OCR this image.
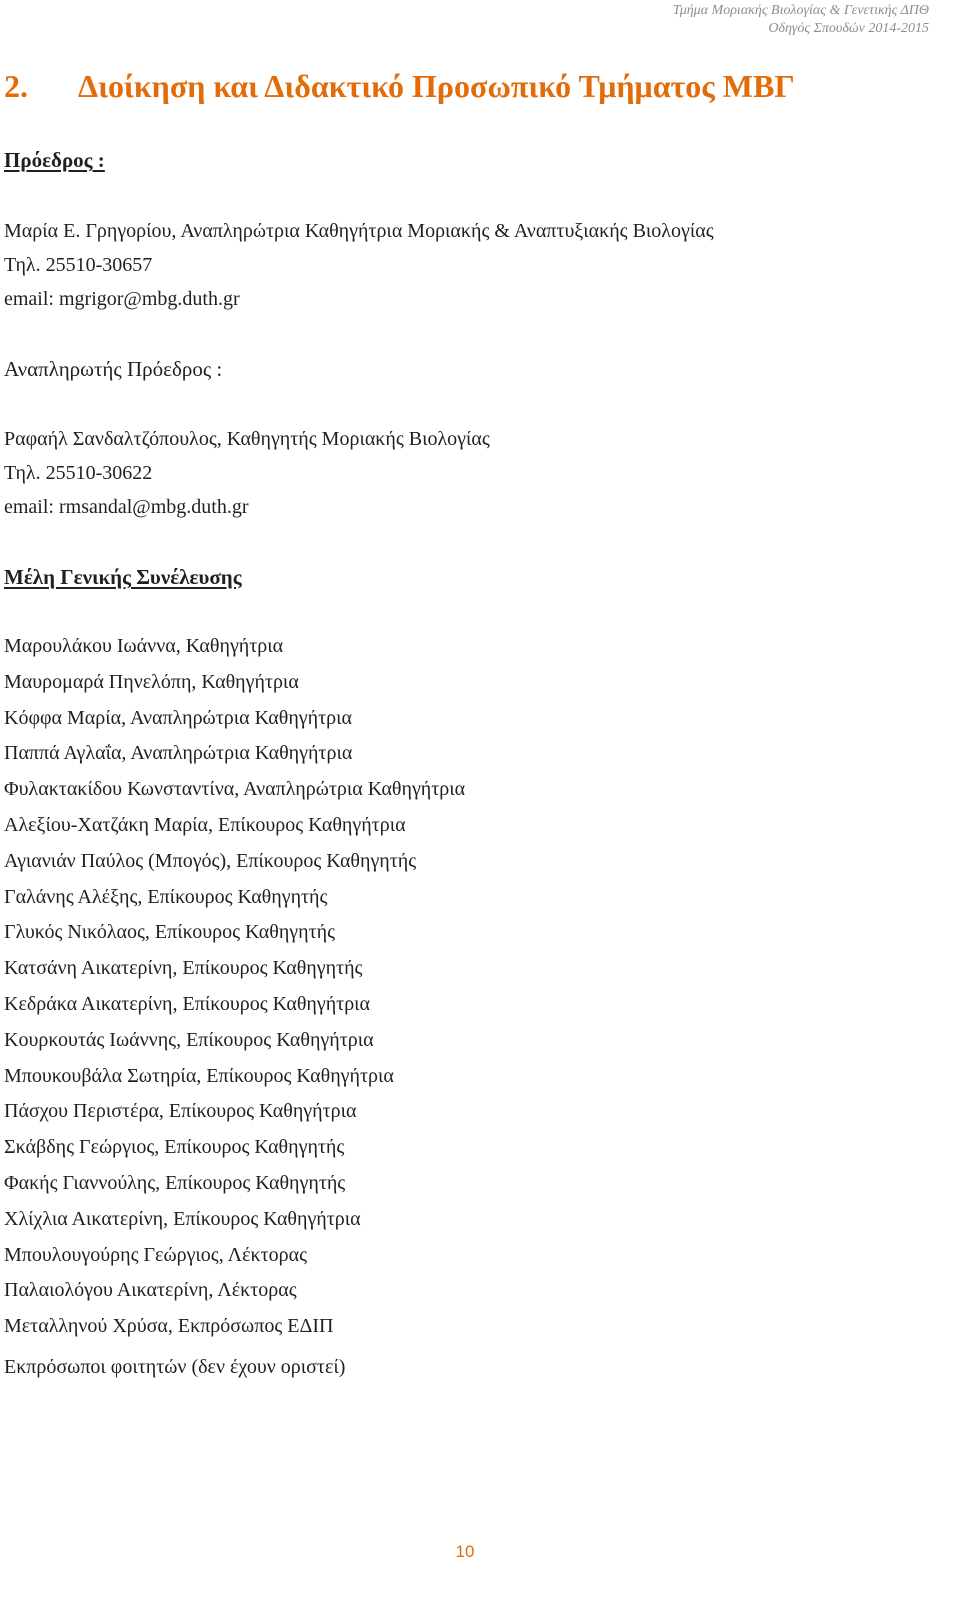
Τμήμα Μοριακής Βιολογίας & Γενετικής ΔΠΘ
Οδηγός Σπουδών 2014-2015
2. Διοίκηση και Διδακτικό Προσωπικό Τμήματος ΜΒΓ
Πρόεδρος :

Μαρία Ε. Γρηγορίου, Αναπληρώτρια Καθηγήτρια Μοριακής & Αναπτυξιακής Βιολογίας

Τηλ. 25510-30657

email: mgrigor@mbg.duth.gr

Αναπληρωτής Πρόεδρος :

Ραφαήλ Σανδαλτζόπουλος, Καθηγητής Μοριακής Βιολογίας

Τηλ. 25510-30622

email: rmsandal@mbg.duth.gr

Μέλη Γενικής Συνέλευσης
Μαρουλάκου Ιωάννα, Καθηγήτρια
Μαυρομαρά Πηνελόπη, Καθηγήτρια
Κόφφα Μαρία, Αναπληρώτρια Καθηγήτρια
Παππά Αγλαΐα, Αναπληρώτρια Καθηγήτρια
Φυλακτακίδου Κωνσταντίνα, Αναπληρώτρια Καθηγήτρια
Αλεξίου-Χατζάκη Μαρία, Επίκουρος Καθηγήτρια
Αγιανιάν Παύλος (Μπογός), Επίκουρος Καθηγητής
Γαλάνης Αλέξης, Επίκουρος Καθηγητής
Γλυκός Νικόλαος, Επίκουρος Καθηγητής
Κατσάνη Αικατερίνη, Επίκουρος Καθηγητής
Κεδράκα Αικατερίνη, Επίκουρος Καθηγήτρια
Κουρκουτάς Ιωάννης, Επίκουρος Καθηγήτρια
Μπουκουβάλα Σωτηρία, Επίκουρος Καθηγήτρια
Πάσχου Περιστέρα, Επίκουρος Καθηγήτρια
Σκάβδης Γεώργιος, Επίκουρος Καθηγητής
Φακής Γιαννούλης, Επίκουρος Καθηγητής
Χλίχλια Αικατερίνη, Επίκουρος Καθηγήτρια
Μπουλουγούρης Γεώργιος, Λέκτορας
Παλαιολόγου Αικατερίνη, Λέκτορας
Μεταλληνού Χρύσα, Εκπρόσωπος ΕΔΙΠ

Εκπρόσωποι φοιτητών (δεν έχουν οριστεί)

10
